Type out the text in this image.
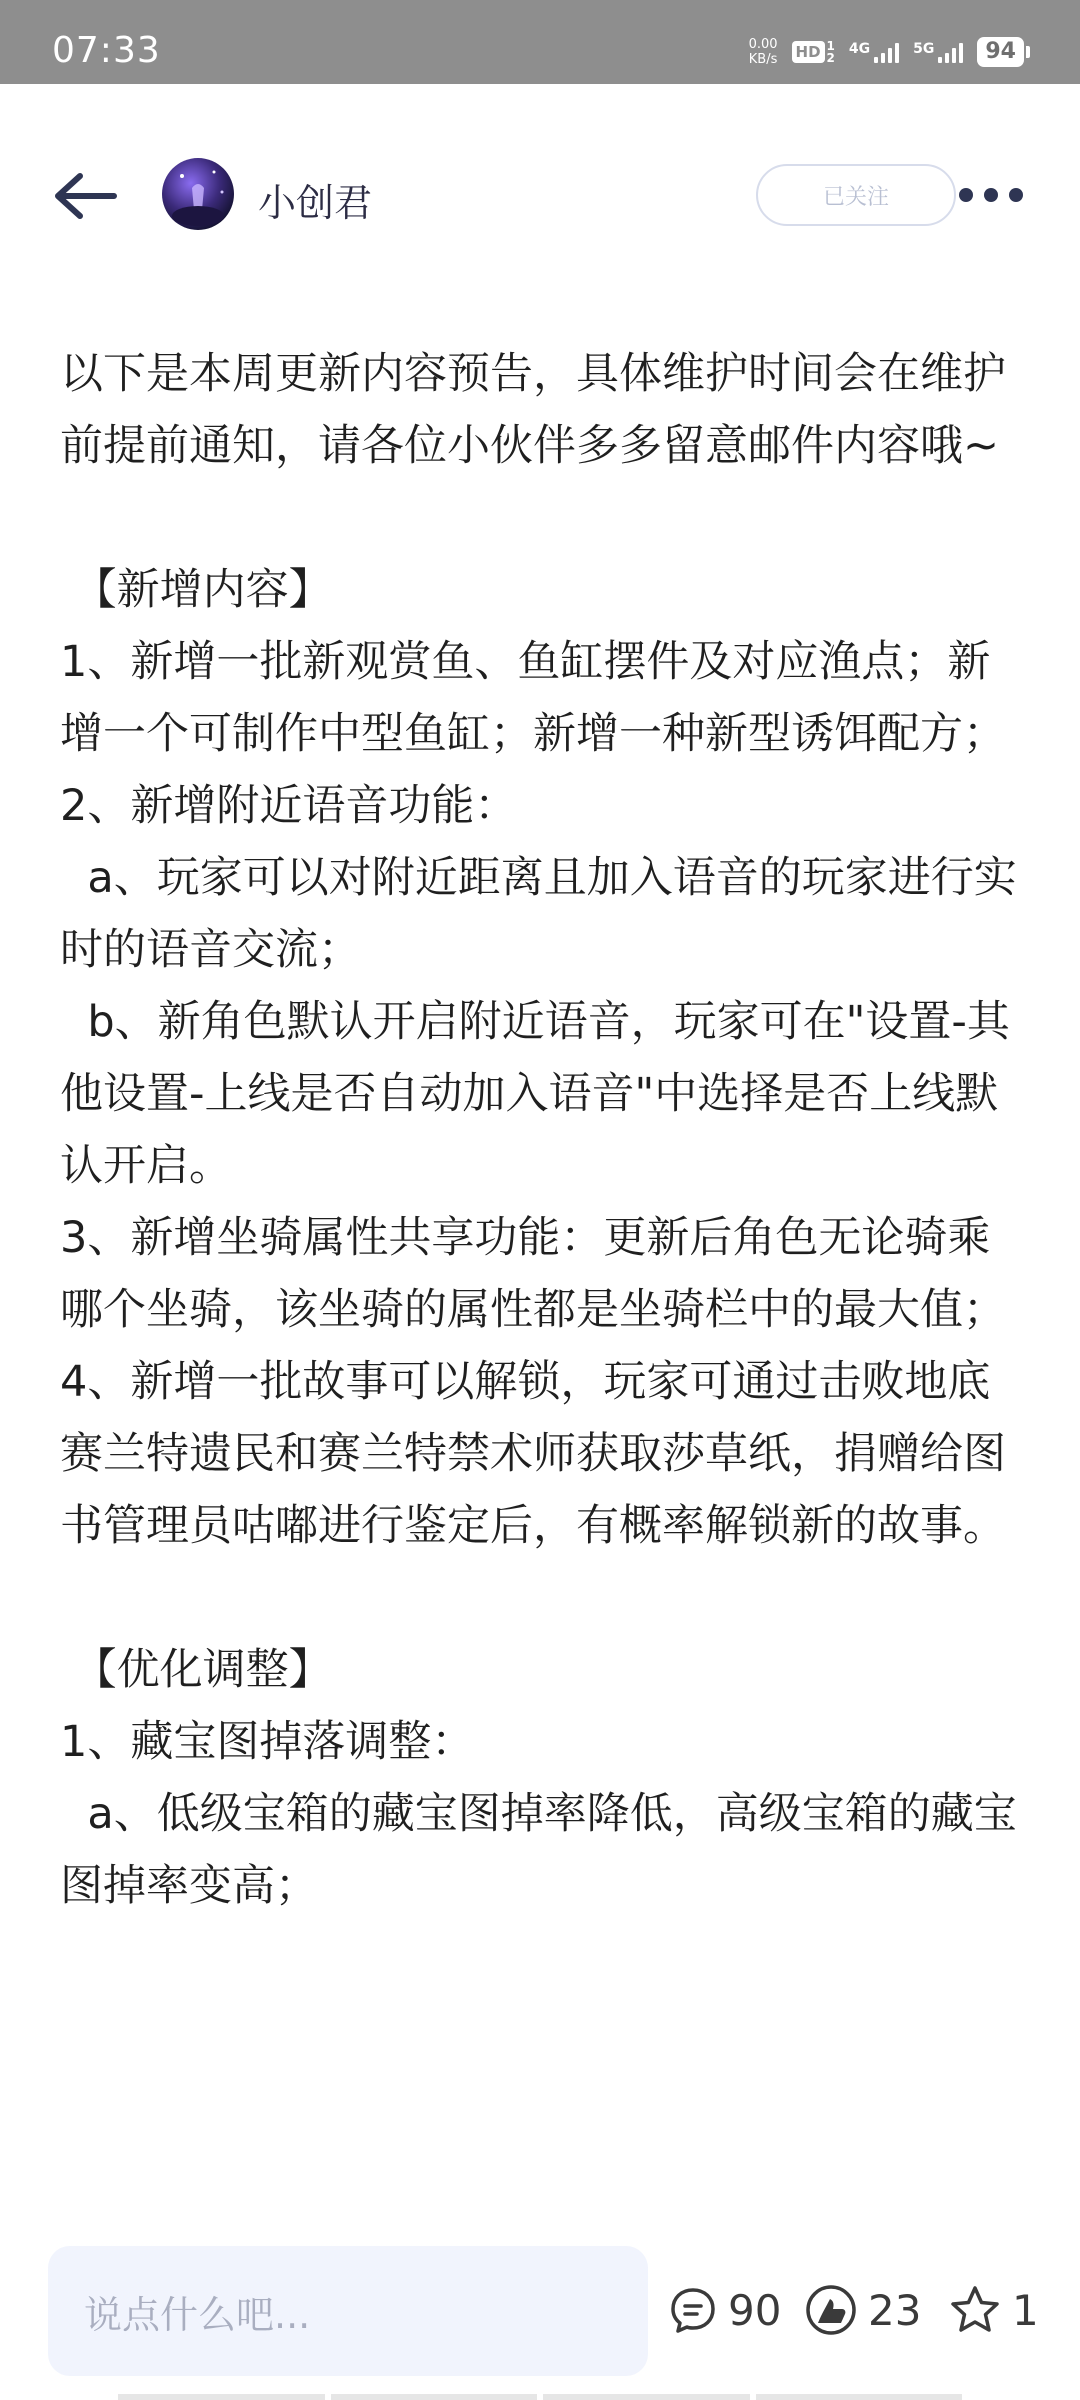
07:33	0.00
KB/s HD 1
2
4G	5G	94
小创君	已关注

以下是本周更新内容预告，具体维护时间会在维护前提前通知，请各位小伙伴多多留意邮件内容哦~

【新增内容】

1、新增一批新观赏鱼、鱼缸摆件及对应渔点；新增一个可制作中型鱼缸；新增一种新型诱饵配方；

2、新增附近语音功能：

a、玩家可以对附近距离且加入语音的玩家进行实时的语音交流；

b、新角色默认开启附近语音，玩家可在"设置-其他设置-上线是否自动加入语音"中选择是否上线默认开启。

3、新增坐骑属性共享功能：更新后角色无论骑乘哪个坐骑，该坐骑的属性都是坐骑栏中的最大值；

4、新增一批故事可以解锁，玩家可通过击败地底赛兰特遗民和赛兰特禁术师获取莎草纸，捐赠给图书管理员咕嘟进行鉴定后，有概率解锁新的故事。

【优化调整】

1、藏宝图掉落调整：

a、低级宝箱的藏宝图掉率降低，高级宝箱的藏宝图掉率变高；

说点什么吧...	90 23 1
